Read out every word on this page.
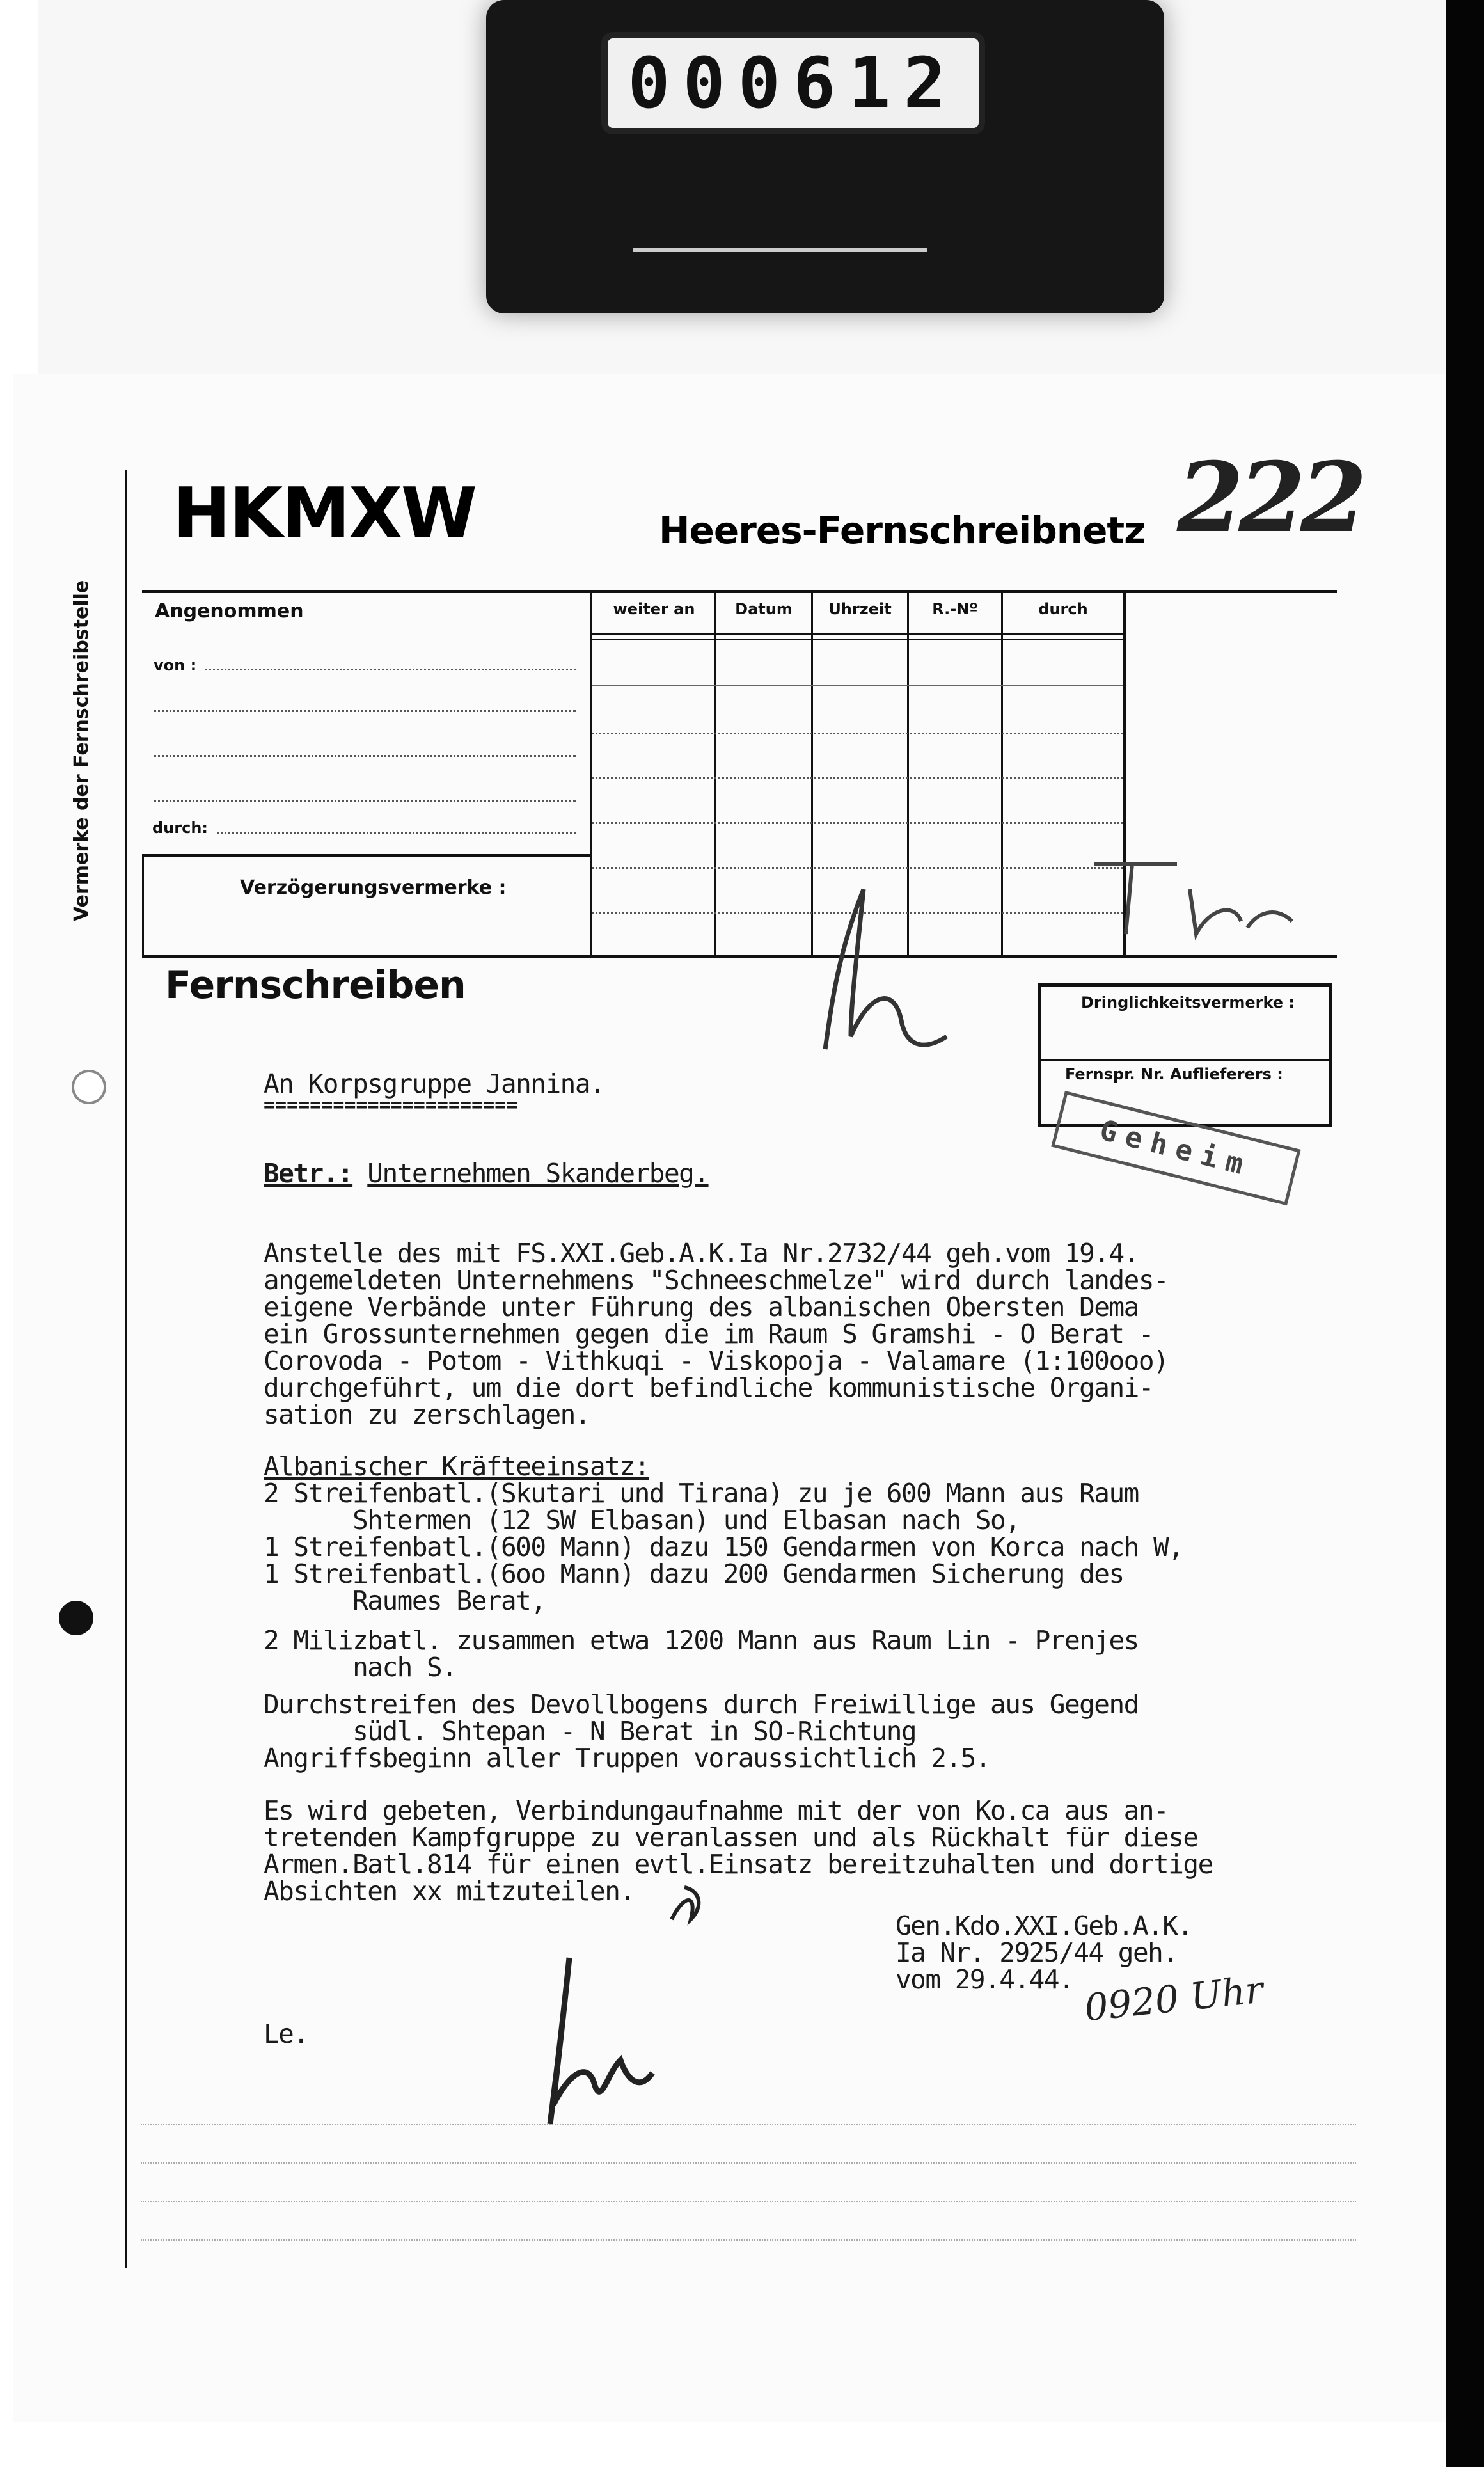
000612
HKMXW	Heeres-Fernschreibnetz 222
Vermerke der Fernschreibstelle	Angenommen
von :
durch:
Verzögerungsvermerke :
weiter an	Datum	Uhrzeit	R.-Nº	durch
Fernschreiben	Dringlichkeitsvermerke :
Fernspr. Nr. Auflieferers :
Geheim
An Korpsgruppe Jannina.
======================
Betr.: Unternehmen Skanderbeg.
Anstelle des mit FS.XXI.Geb.A.K.Ia Nr.2732/44 geh.vom 19.4.
angemeldeten Unternehmens "Schneeschmelze" wird durch landes-
eigene Verbände unter Führung des albanischen Obersten Dema
ein Grossunternehmen gegen die im Raum S Gramshi - O Berat -
Corovoda - Potom - Vithkuqi - Viskopoja - Valamare (1:100ooo)
durchgeführt, um die dort befindliche kommunistische Organi-
sation zu zerschlagen.
Albanischer Kräfteeinsatz:
2 Streifenbatl.(Skutari und Tirana) zu je 600 Mann aus Raum
Shtermen (12 SW Elbasan) und Elbasan nach So,
1 Streifenbatl.(600 Mann) dazu 150 Gendarmen von Korca nach W,
1 Streifenbatl.(6oo Mann) dazu 200 Gendarmen Sicherung des
Raumes Berat,
2 Milizbatl. zusammen etwa 1200 Mann aus Raum Lin - Prenjes
nach S.
Durchstreifen des Devollbogens durch Freiwillige aus Gegend
südl. Shtepan - N Berat in SO-Richtung
Angriffsbeginn aller Truppen voraussichtlich 2.5.
Es wird gebeten, Verbindungaufnahme mit der von Ko.ca aus an-
tretenden Kampfgruppe zu veranlassen und als Rückhalt für diese
Armen.Batl.814 für einen evtl.Einsatz bereitzuhalten und dortige
Absichten xx mitzuteilen.
Gen.Kdo.XXI.Geb.A.K.
Ia Nr. 2925/44 geh.
vom 29.4.44. 0920 Uhr
Le.
